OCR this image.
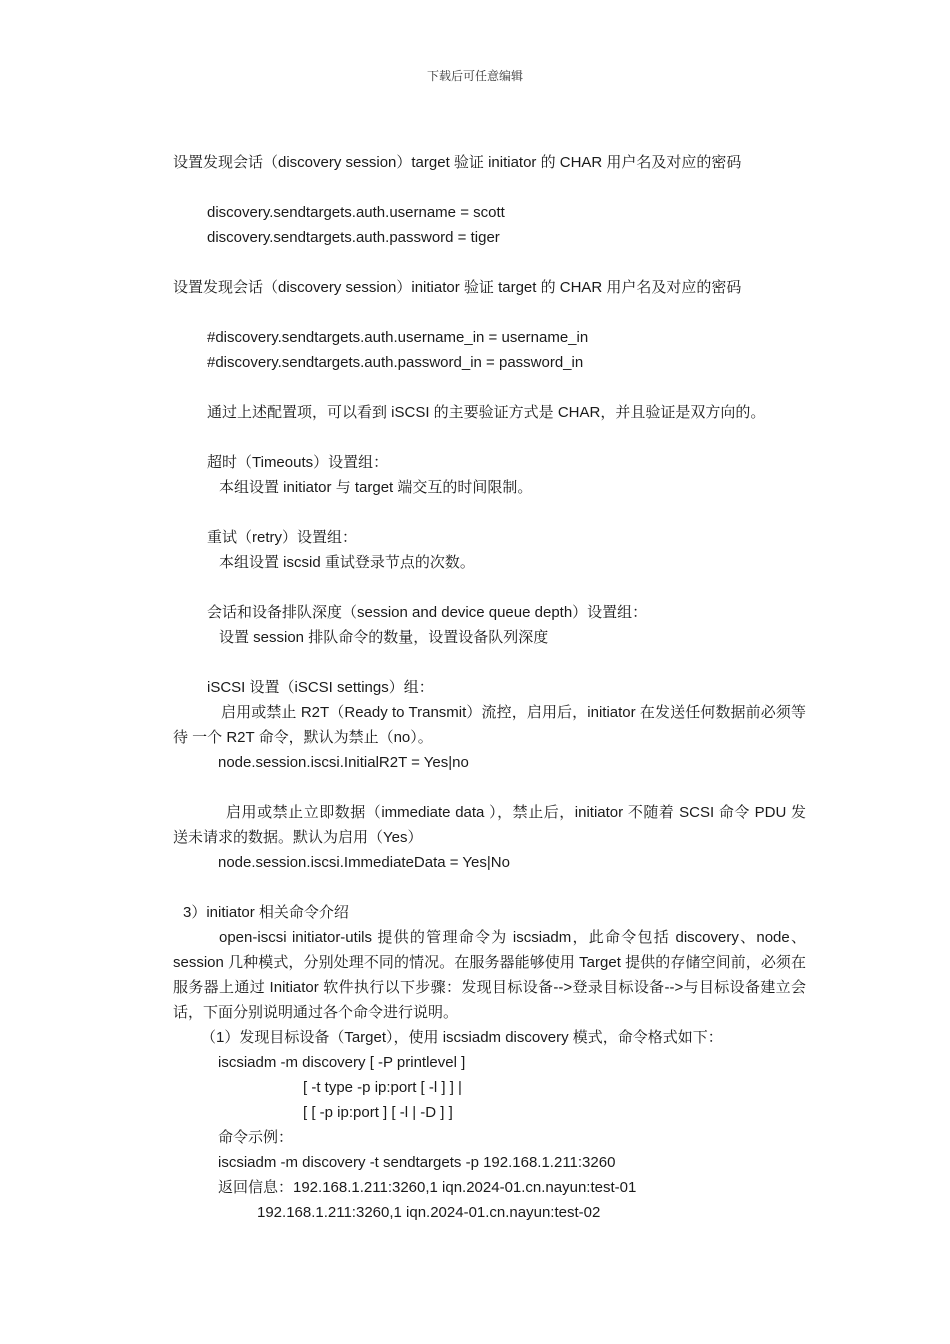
下载后可任意编辑
设置发现会话（discovery session）target 验证 initiator 的 CHAR 用户名及对应的密码
discovery.sendtargets.auth.username = scott
discovery.sendtargets.auth.password = tiger
设置发现会话（discovery session）initiator 验证 target 的 CHAR 用户名及对应的密码
#discovery.sendtargets.auth.username_in = username_in
#discovery.sendtargets.auth.password_in = password_in
通过上述配置项，可以看到 iSCSI 的主要验证方式是 CHAR，并且验证是双方向的。
超时（Timeouts）设置组：
本组设置 initiator 与 target 端交互的时间限制。
重试（retry）设置组：
本组设置 iscsid 重试登录节点的次数。
会话和设备排队深度（session and device queue depth）设置组：
设置 session 排队命令的数量，设置设备队列深度
iSCSI 设置（iSCSI settings）组：
启用或禁止 R2T（Ready to Transmit）流控，启用后，initiator 在发送任何数据前必须等待 一个 R2T 命令，默认为禁止（no）。
node.session.iscsi.InitialR2T = Yes|no
启用或禁止立即数据（immediate data ），禁止后，initiator 不随着 SCSI 命令 PDU 发送未请求的数据。默认为启用（Yes）
node.session.iscsi.ImmediateData = Yes|No
3）initiator 相关命令介绍
open-iscsi initiator-utils 提供的管理命令为 iscsiadm，此命令包括 discovery、node、session 几种模式，分别处理不同的情况。在服务器能够使用 Target 提供的存储空间前，必须在服务器上通过 Initiator 软件执行以下步骤：发现目标设备-->登录目标设备-->与目标设备建立会话，下面分别说明通过各个命令进行说明。
（1）发现目标设备（Target），使用 iscsiadm discovery 模式，命令格式如下：
iscsiadm -m discovery [ -P printlevel ]
[ -t type -p ip:port [ -l ] ] |
[ [ -p ip:port ] [ -l | -D ] ]
命令示例：
iscsiadm -m discovery -t sendtargets -p 192.168.1.211:3260
返回信息：192.168.1.211:3260,1 iqn.2024-01.cn.nayun:test-01
192.168.1.211:3260,1 iqn.2024-01.cn.nayun:test-02
